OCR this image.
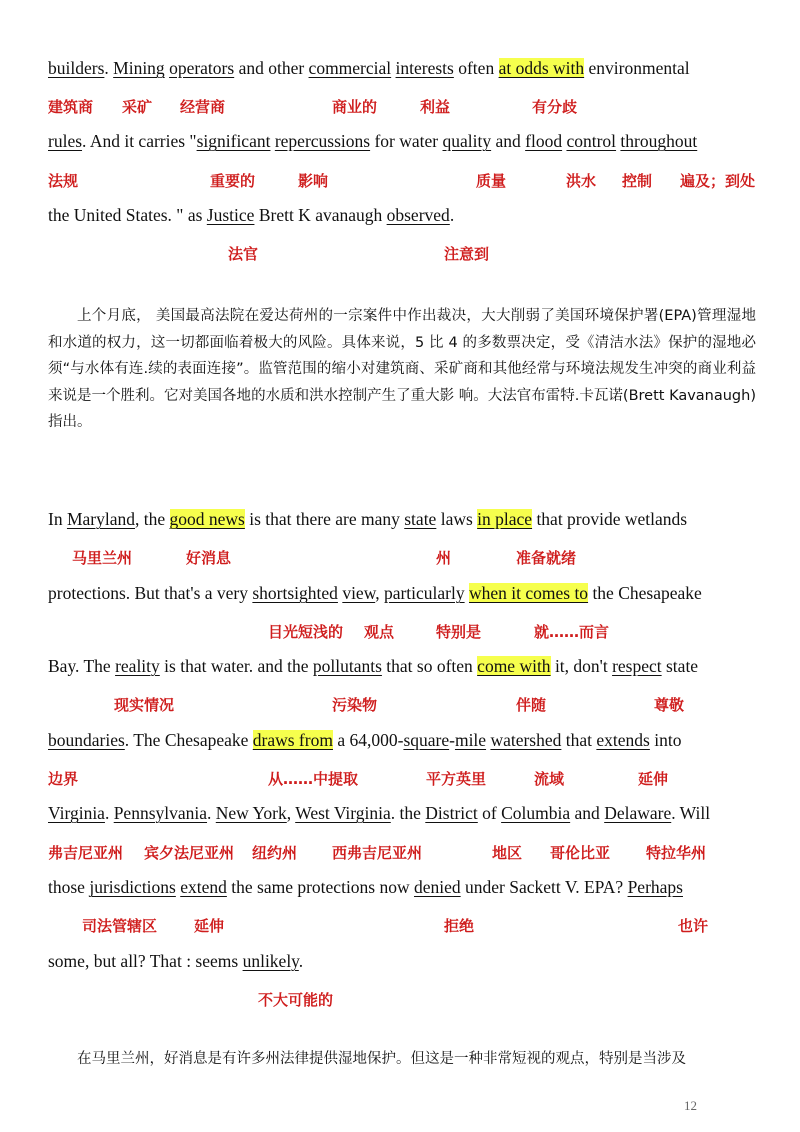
builders. Mining operators and other commercial interests often at odds with environmental
建筑商 采矿 经营商	商业的	利益	有分歧
rules. And it carries "significant repercussions for water quality and flood control throughout
法规	重要的	影响	质量	洪水 控制 遍及；到处
the United States. " as Justice Brett K avanaugh observed.
法官	注意到
上个月底， 美国最高法院在爱达荷州的一宗案件中作出裁决，大大削弱了美国环境保护署(EPA)管理湿地和水道的权力，这一切都面临着极大的风险。具体来说，5 比 4 的多数票决定，受《清洁水法》保护的湿地必须“与水体有连.续的表面连接”。监管范围的缩小对建筑商、采矿商和其他经常与环境法规发生冲突的商业利益来说是一个胜利。它对美国各地的水质和洪水控制产生了重大影 响。大法官布雷特.卡瓦诺(Brett Kavanaugh)指出。
In Maryland, the good news is that there are many state laws in place that provide wetlands
马里兰州	好消息	州	准备就绪
protections. But that's a very shortsighted view, particularly when it comes to the Chesapeake
目光短浅的 观点	特别是	就……而言
Bay. The reality is that water. and the pollutants that so often come with it, don't respect state
现实情况	污染物	伴随	尊敬
boundaries. The Chesapeake draws from a 64,000-square-mile watershed that extends into
边界	从……中提取	平方英里	流域	延伸
Virginia. Pennsylvania. New York, West Virginia. the District of Columbia and Delaware. Will
弗吉尼亚州 宾夕法尼亚州 纽约州 西弗吉尼亚州	地区 哥伦比亚 特拉华州
those jurisdictions extend the same protections now denied under Sackett V. EPA? Perhaps
司法管辖区 延伸	拒绝	也许
some, but all? That : seems unlikely.
不大可能的
在马里兰州，好消息是有许多州法律提供湿地保护。但这是一种非常短视的观点，特别是当涉及
12
